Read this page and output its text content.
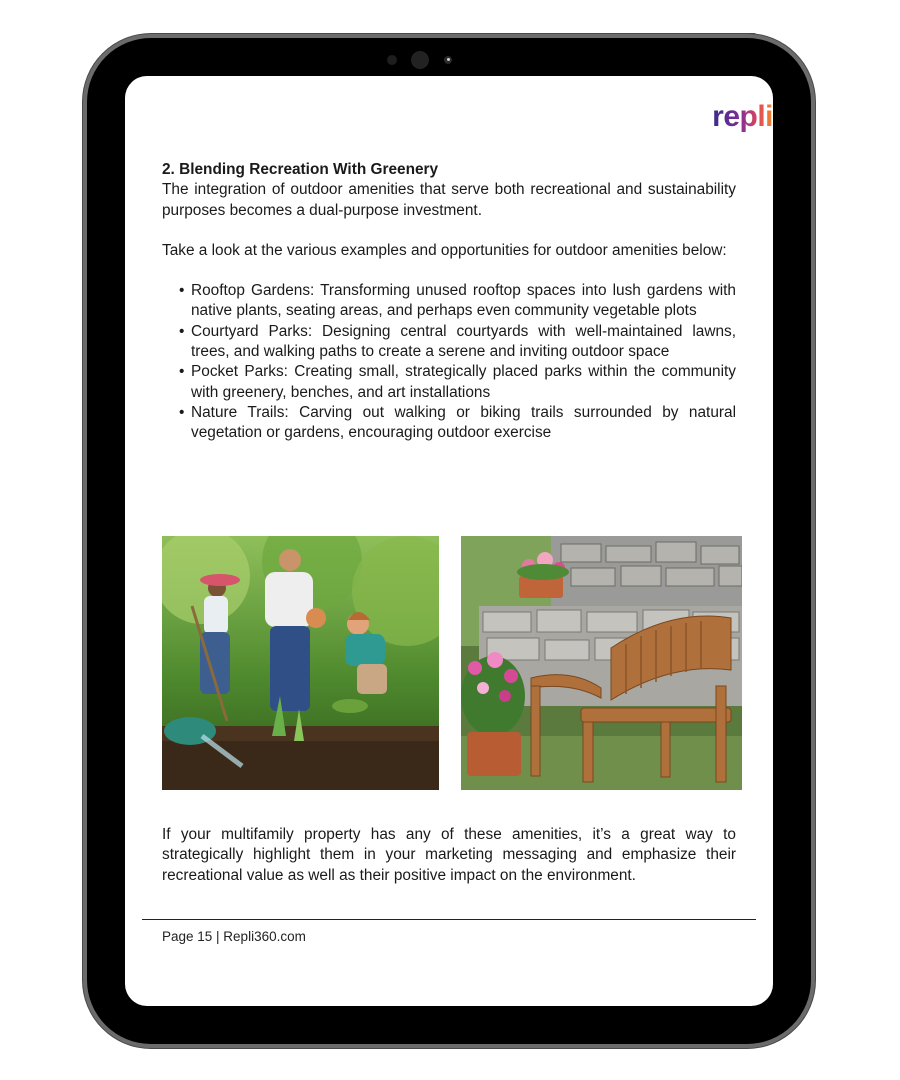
repli
2. Blending Recreation With Greenery

The integration of outdoor amenities that serve both recreational and sustainability purposes becomes a dual-purpose investment.

Take a look at the various examples and opportunities for outdoor amenities below:

• Rooftop Gardens: Transforming unused rooftop spaces into lush gardens with native plants, seating areas, and perhaps even community vegetable plots
• Courtyard Parks: Designing central courtyards with well-maintained lawns, trees, and walking paths to create a serene and inviting outdoor space
• Pocket Parks: Creating small, strategically placed parks within the community with greenery, benches, and art installations
• Nature Trails: Carving out walking or biking trails surrounded by natural vegetation or gardens, encouraging outdoor exercise

If your multifamily property has any of these amenities, it’s a great way to strategically highlight them in your marketing messaging and emphasize their recreational value as well as their positive impact on the environment.

Page 15 | Repli360.com
